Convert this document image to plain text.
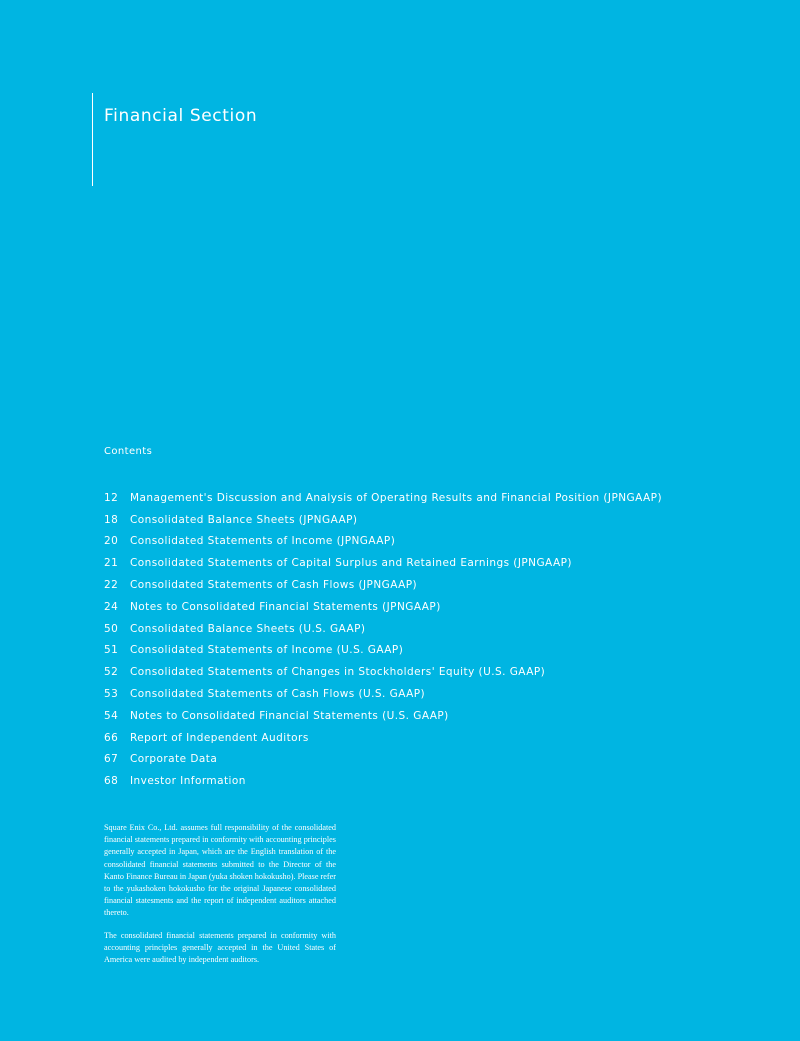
Financial Section
Contents
12	Management's Discussion and Analysis of Operating Results and Financial Position (JPNGAAP)
18	Consolidated Balance Sheets (JPNGAAP)
20	Consolidated Statements of Income (JPNGAAP)
21	Consolidated Statements of Capital Surplus and Retained Earnings (JPNGAAP)
22	Consolidated Statements of Cash Flows (JPNGAAP)
24	Notes to Consolidated Financial Statements (JPNGAAP)
50	Consolidated Balance Sheets (U.S. GAAP)
51	Consolidated Statements of Income (U.S. GAAP)
52	Consolidated Statements of Changes in Stockholders' Equity (U.S. GAAP)
53	Consolidated Statements of Cash Flows (U.S. GAAP)
54	Notes to Consolidated Financial Statements (U.S. GAAP)
66	Report of Independent Auditors
67	Corporate Data
68	Investor Information

Square Enix Co., Ltd. assumes full responsibility of the consolidated financial statements prepared in conformity with accounting principles generally accepted in Japan, which are the English translation of the consolidated financial statements submitted to the Director of the Kanto Finance Bureau in Japan (yuka shoken hokokusho). Please refer to the yukashoken hokokusho for the original Japanese consolidated financial statesments and the report of independent auditors attached thereto.

The consolidated financial statements prepared in conformity with accounting principles generally accepted in the United States of America were audited by independent auditors.
